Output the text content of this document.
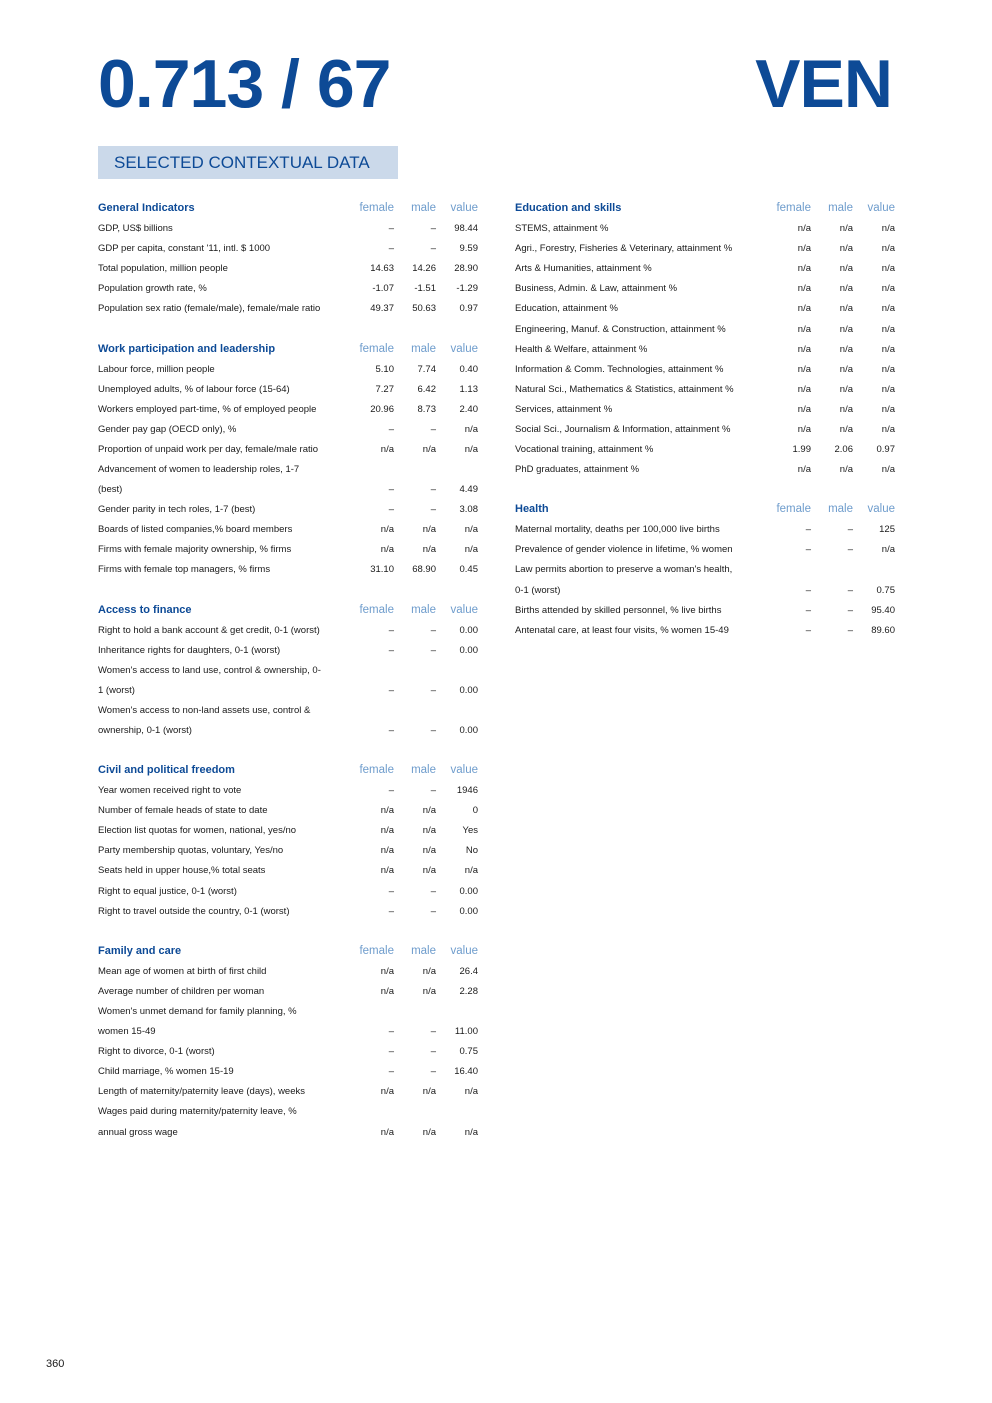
0.713 / 67	VEN
SELECTED CONTEXTUAL DATA
General Indicators	female	male	value
GDP, US$ billions	–	–	98.44
GDP per capita, constant '11, intl. $ 1000	–	–	9.59
Total population, million people	14.63	14.26	28.90
Population growth rate, %	-1.07	-1.51	-1.29
Population sex ratio (female/male), female/male ratio	49.37	50.63	0.97
Work participation and leadership	female	male	value
Labour force, million people	5.10	7.74	0.40
Unemployed adults, % of labour force (15-64)	7.27	6.42	1.13
Workers employed part-time, % of employed people	20.96	8.73	2.40
Gender pay gap (OECD only), %	–	–	n/a
Proportion of unpaid work per day, female/male ratio	n/a	n/a	n/a
Advancement of women to leadership roles, 1-7
(best)	–	–	4.49
Gender parity in tech roles, 1-7 (best)	–	–	3.08
Boards of listed companies,% board members	n/a	n/a	n/a
Firms with female majority ownership, % firms	n/a	n/a	n/a
Firms with female top managers, % firms	31.10	68.90	0.45
Access to finance	female	male	value
Right to hold a bank account & get credit, 0-1 (worst)	–	–	0.00
Inheritance rights for daughters, 0-1 (worst)	–	–	0.00
Women's access to land use, control & ownership, 0-
1 (worst)	–	–	0.00
Women's access to non-land assets use, control &
ownership, 0-1 (worst)	–	–	0.00
Civil and political freedom	female	male	value
Year women received right to vote	–	–	1946
Number of female heads of state to date	n/a	n/a	0
Election list quotas for women, national, yes/no	n/a	n/a	Yes
Party membership quotas, voluntary, Yes/no	n/a	n/a	No
Seats held in upper house,% total seats	n/a	n/a	n/a
Right to equal justice, 0-1 (worst)	–	–	0.00
Right to travel outside the country, 0-1 (worst)	–	–	0.00
Family and care	female	male	value
Mean age of women at birth of first child	n/a	n/a	26.4
Average number of children per woman	n/a	n/a	2.28
Women's unmet demand for family planning, %
women 15-49	–	–	11.00
Right to divorce, 0-1 (worst)	–	–	0.75
Child marriage, % women 15-19	–	–	16.40
Length of maternity/paternity leave (days), weeks	n/a	n/a	n/a
Wages paid during maternity/paternity leave, %
annual gross wage	n/a	n/a	n/a
Education and skills	female	male	value
STEMS, attainment %	n/a	n/a	n/a
Agri., Forestry, Fisheries & Veterinary, attainment %	n/a	n/a	n/a
Arts & Humanities, attainment %	n/a	n/a	n/a
Business, Admin. & Law, attainment %	n/a	n/a	n/a
Education, attainment %	n/a	n/a	n/a
Engineering, Manuf. & Construction, attainment %	n/a	n/a	n/a
Health & Welfare, attainment %	n/a	n/a	n/a
Information & Comm. Technologies, attainment %	n/a	n/a	n/a
Natural Sci., Mathematics & Statistics, attainment %	n/a	n/a	n/a
Services, attainment %	n/a	n/a	n/a
Social Sci., Journalism & Information, attainment %	n/a	n/a	n/a
Vocational training, attainment %	1.99	2.06	0.97
PhD graduates, attainment %	n/a	n/a	n/a
Health	female	male	value
Maternal mortality, deaths per 100,000 live births	–	–	125
Prevalence of gender violence in lifetime, % women	–	–	n/a
Law permits abortion to preserve a woman's health,
0-1 (worst)	–	–	0.75
Births attended by skilled personnel, % live births	–	–	95.40
Antenatal care, at least four visits, % women 15-49	–	–	89.60
360
